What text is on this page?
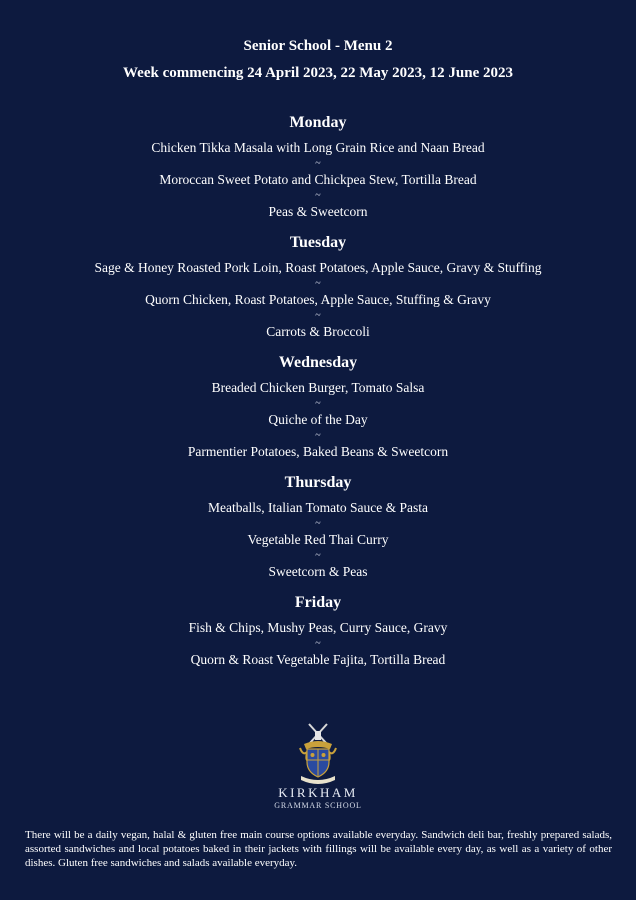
Senior School - Menu 2
Week commencing 24 April 2023, 22 May 2023, 12 June 2023
Monday
Chicken Tikka Masala with Long Grain Rice and Naan Bread
~
Moroccan Sweet Potato and Chickpea Stew, Tortilla Bread
~
Peas & Sweetcorn
Tuesday
Sage & Honey Roasted Pork Loin, Roast Potatoes, Apple Sauce, Gravy & Stuffing
~
Quorn Chicken, Roast Potatoes, Apple Sauce, Stuffing & Gravy
~
Carrots & Broccoli
Wednesday
Breaded Chicken Burger, Tomato Salsa
~
Quiche of the Day
~
Parmentier Potatoes, Baked Beans & Sweetcorn
Thursday
Meatballs, Italian Tomato Sauce & Pasta
~
Vegetable Red Thai Curry
~
Sweetcorn & Peas
Friday
Fish & Chips, Mushy Peas, Curry Sauce, Gravy
~
Quorn & Roast Vegetable Fajita, Tortilla Bread
KIRKHAM
GRAMMAR SCHOOL
There will be a daily vegan, halal & gluten free main course options available everyday. Sandwich deli bar, freshly prepared salads, assorted sandwiches and local potatoes baked in their jackets with fillings will be available every day, as well as a variety of other dishes. Gluten free sandwiches and salads available everyday.
